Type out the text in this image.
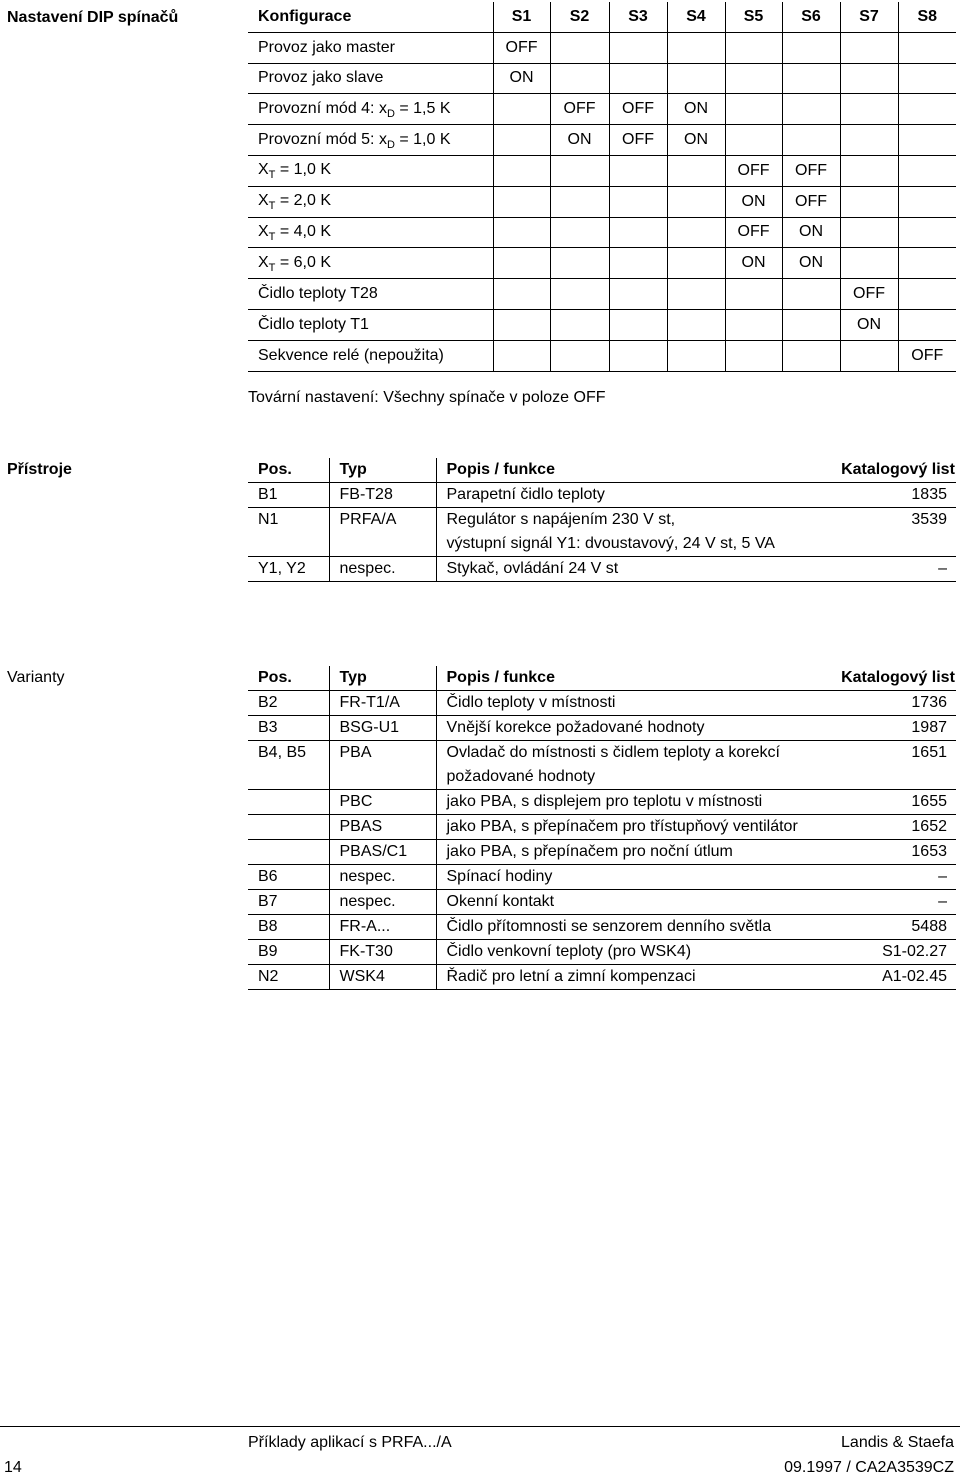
Nastavení DIP spínačů	Konfigurace	S1	S2	S3	S4	S5	S6	S7	S8
Provoz jako master	OFF							
Provoz jako slave	ON							
Provozní mód 4: $x_D = 1,5$ K		OFF	OFF	ON				
Provozní mód 5: $x_D = 1,0$ K		ON	OFF	ON				
$X_T = 1,0$ K					OFF	OFF		
$X_T = 2,0$ K					ON	OFF		
$X_T = 4,0$ K					OFF	ON		
$X_T = 6,0$ K					ON	ON		
Čidlo teploty T28							OFF	
Čidlo teploty T1							ON	
Sekvence relé (nepoužita)								OFF
Tovární nastavení: Všechny spínače v poloze OFF
Přístroje	Pos.	Typ	Popis / funkce	Katalogový list
B1	FB-T28	Parapetní čidlo teploty	1835
N1	PRFA/A	Regulátor s napájením 230 V st,	3539
		výstupní signál Y1: dvoustavový, 24 V st, 5 VA	
Y1, Y2	nespec.	Stykač, ovládání 24 V st	–
Varianty	Pos.	Typ	Popis / funkce	Katalogový list
B2	FR-T1/A	Čidlo teploty v místnosti	1736
B3	BSG-U1	Vnější korekce požadované hodnoty	1987
B4, B5	PBA	Ovladač do místnosti s čidlem teploty a korekcí požadované hodnoty	1651
	PBC	jako PBA, s displejem pro teplotu v místnosti	1655
	PBAS	jako PBA, s přepínačem pro třístupňový ventilátor	1652
	PBAS/C1	jako PBA, s přepínačem pro noční útlum	1653
B6	nespec.	Spínací hodiny	–
B7	nespec.	Okenní kontakt	–
B8	FR-A...	Čidlo přítomnosti se senzorem denního světla	5488
B9	FK-T30	Čidlo venkovní teploty (pro WSK4)	S1-02.27
N2	WSK4	Řadič pro letní a zimní kompenzaci	A1-02.45
14
Příklady aplikací s PRFA.../A	Landis & Staefa
09.1997 / CA2A3539CZ
